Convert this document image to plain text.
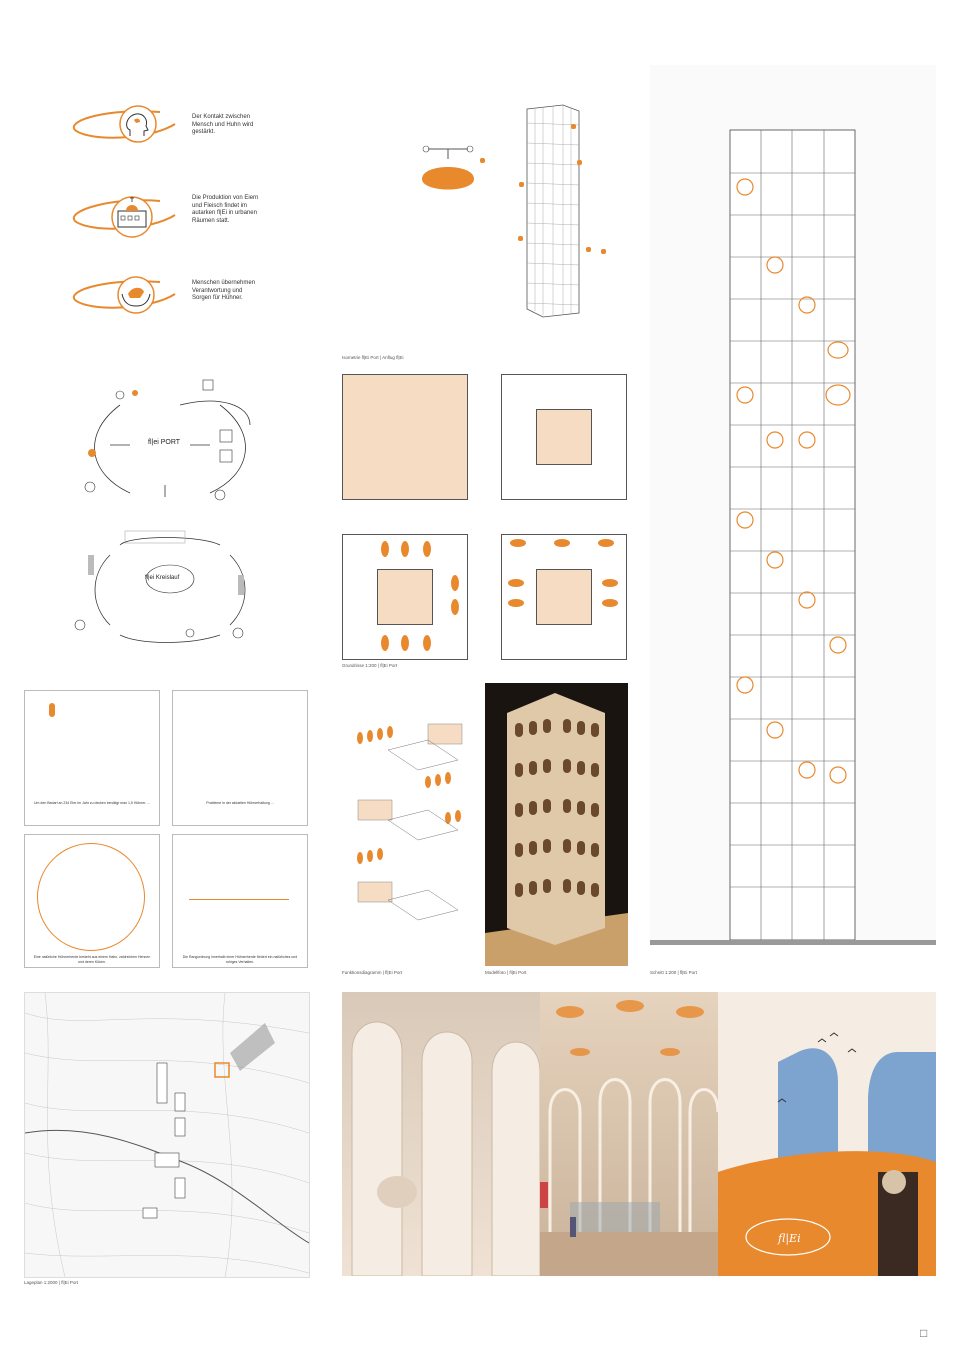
Der Kontakt zwischen Mensch und Huhn wird gestärkt.
Die Produktion von Eiern und Fleisch findet im autarken fl|Ei in urbanen Räumen statt.
Menschen übernehmen Verantwortung und Sorgen für Hühner.
Isometrie fl|Ei Port | Anflug fl|Ei
fl|ei PORT
fl|ei Kreislauf
Grundrisse 1:200 | fl|Ei Port
Um den Bedarf an 234 Eier im Jahr zu decken benötigt man 1,5 Hühner. ...	Probleme in der aktuellen Hühnerhaltung ...
Eine natürliche Hühnerherde besteht aus einem Hahn, zahlreichen Hennen und deren Küken.
Die Rangordnung innerhalb einer Hühnerherde fördert ein natürliches und ruhiges Verhalten.
Funktionsdiagramm | fl|Ei Port	Modellfoto | fl|Ei Port	Schnitt 1:200 | fl|Ei Port
Lageplan 1:2000 | fl|Ei Port
fl|Ei
□
